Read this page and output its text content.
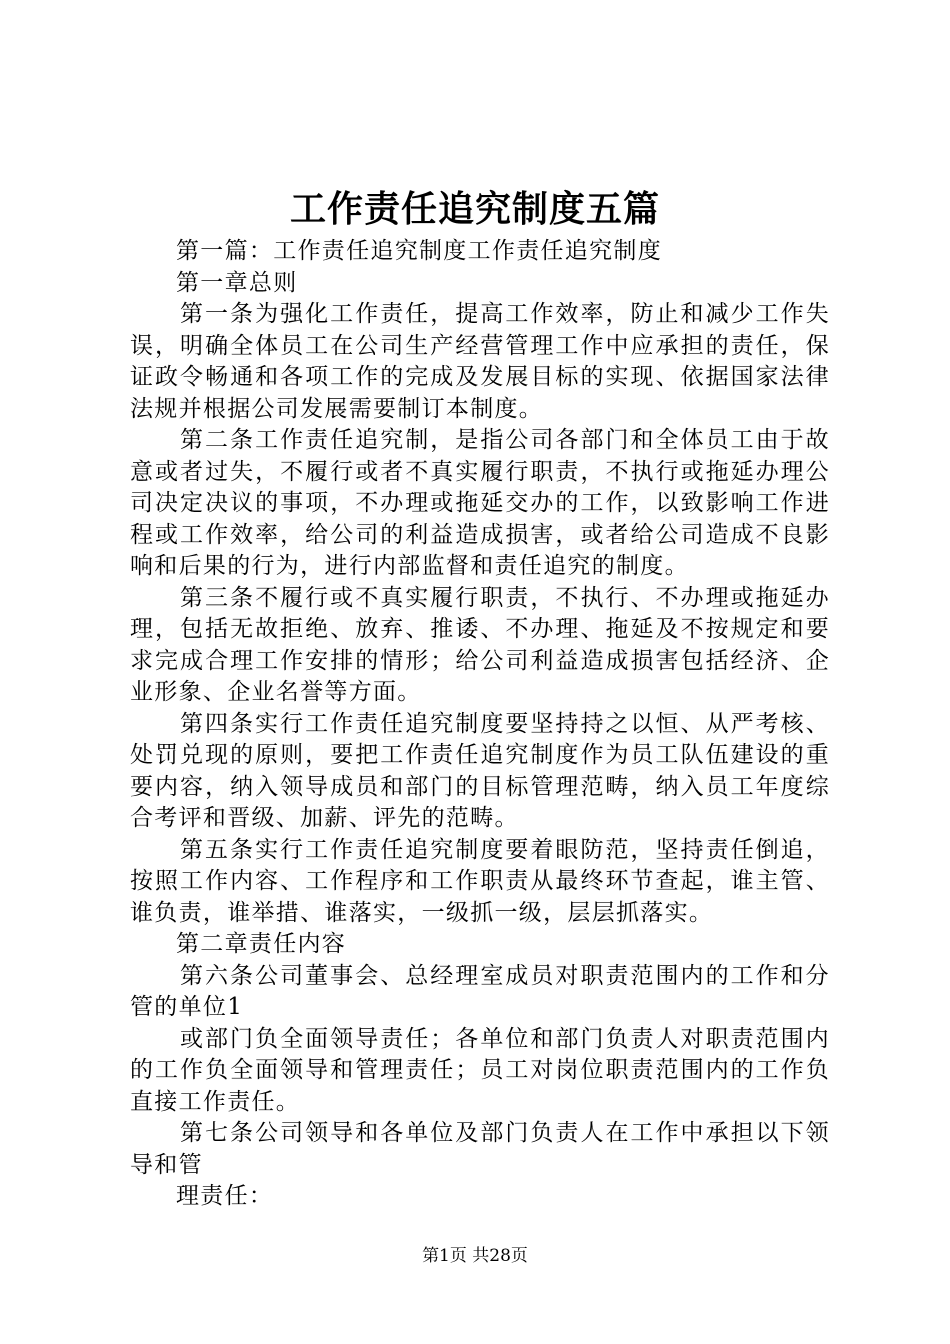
工作责任追究制度五篇

第一篇：工作责任追究制度工作责任追究制度

第一章总则

第一条为强化工作责任，提高工作效率，防止和减少工作失误，明确全体员工在公司生产经营管理工作中应承担的责任，保证政令畅通和各项工作的完成及发展目标的实现、依据国家法律法规并根据公司发展需要制订本制度。

第二条工作责任追究制，是指公司各部门和全体员工由于故意或者过失，不履行或者不真实履行职责，不执行或拖延办理公司决定决议的事项，不办理或拖延交办的工作，以致影响工作进程或工作效率，给公司的利益造成损害，或者给公司造成不良影响和后果的行为，进行内部监督和责任追究的制度。

第三条不履行或不真实履行职责，不执行、不办理或拖延办理，包括无故拒绝、放弃、推诿、不办理、拖延及不按规定和要求完成合理工作安排的情形；给公司利益造成损害包括经济、企业形象、企业名誉等方面。

第四条实行工作责任追究制度要坚持持之以恒、从严考核、处罚兑现的原则，要把工作责任追究制度作为员工队伍建设的重要内容，纳入领导成员和部门的目标管理范畴，纳入员工年度综合考评和晋级、加薪、评先的范畴。

第五条实行工作责任追究制度要着眼防范，坚持责任倒追，按照工作内容、工作程序和工作职责从最终环节查起，谁主管、谁负责，谁举措、谁落实，一级抓一级，层层抓落实。

第二章责任内容

第六条公司董事会、总经理室成员对职责范围内的工作和分管的单位1

或部门负全面领导责任；各单位和部门负责人对职责范围内的工作负全面领导和管理责任；员工对岗位职责范围内的工作负直接工作责任。

第七条公司领导和各单位及部门负责人在工作中承担以下领导和管

理责任：

第1页 共28页
